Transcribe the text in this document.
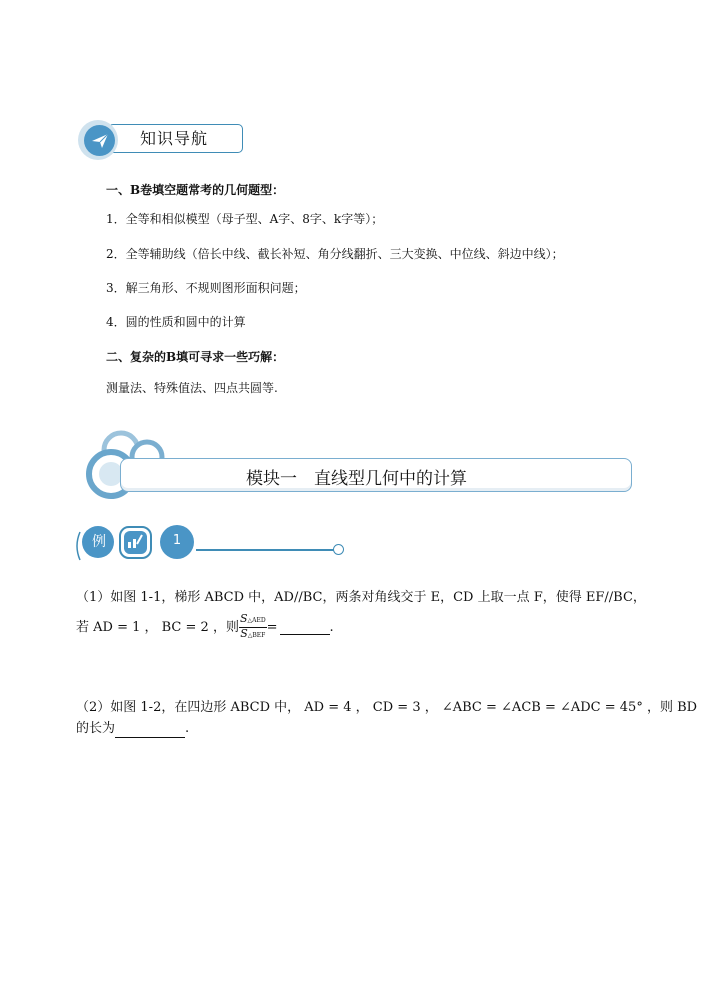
知识导航
一、B卷填空题常考的几何题型：
1．全等和相似模型（母子型、A字、8字、k字等）；
2．全等辅助线（倍长中线、截长补短、角分线翻折、三大变换、中位线、斜边中线）；
3．解三角形、不规则图形面积问题；
4．圆的性质和圆中的计算
二、复杂的B填可寻求一些巧解：
测量法、特殊值法、四点共圆等.
模块一　直线型几何中的计算
例	1
（1）如图 1-1，梯形 ABCD 中，AD//BC，两条对角线交于 E，CD 上取一点 F，使得 EF//BC，
若 AD = 1 ， BC = 2 ，则 $\frac{\text{S△AED}}{\text{S△BEF}}$ =	.
（2）如图 1-2，在四边形 ABCD 中， AD = 4 ， CD = 3 ， ∠ABC = ∠ACB = ∠ADC = 45° ，则 BD
的长为	.
